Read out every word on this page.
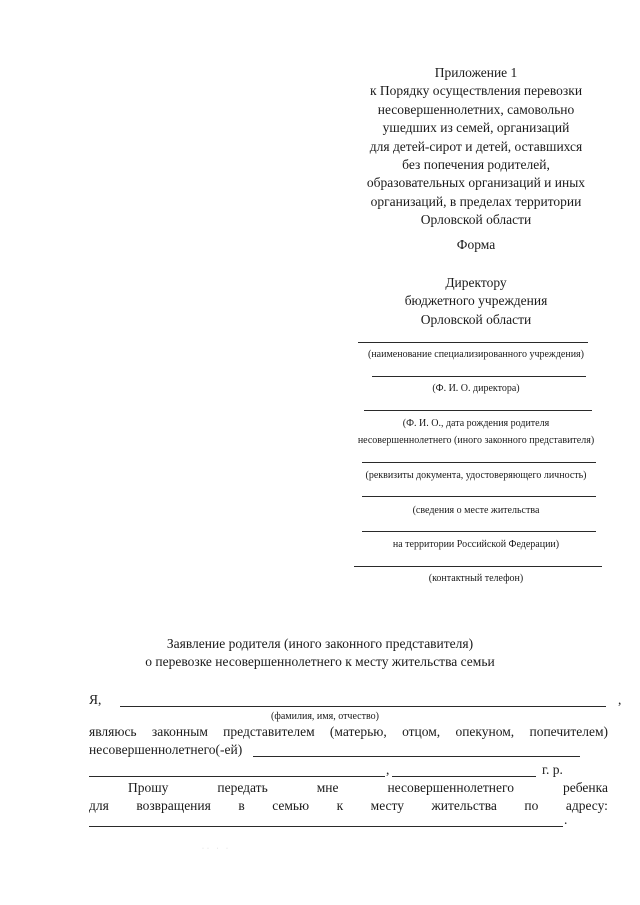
Приложение 1
к Порядку осуществления перевозки
несовершеннолетних, самовольно
ушедших из семей, организаций
для детей-сирот и детей, оставшихся
без попечения родителей,
образовательных организаций и иных
организаций, в пределах территории
Орловской области
Форма
Директору
бюджетного учреждения
Орловской области
(наименование специализированного учреждения)
(Ф. И. О. директора)
(Ф. И. О., дата рождения родителя
несовершеннолетнего (иного законного представителя)
(реквизиты документа, удостоверяющего личность)
(сведения о месте жительства
на территории Российской Федерации)
(контактный телефон)
Заявление родителя (иного законного представителя)
о перевозке несовершеннолетнего к месту жительства семьи
Я,	,
(фамилия, имя, отчество)
являюсь законным представителем (матерью, отцом, опекуном, попечителем)
несовершеннолетнего(-ей)
,	г. р.
Прошу	передать	мне	несовершеннолетнего	ребенка
для возвращения в семью к месту жительства по адресу:
.
·· · ·
